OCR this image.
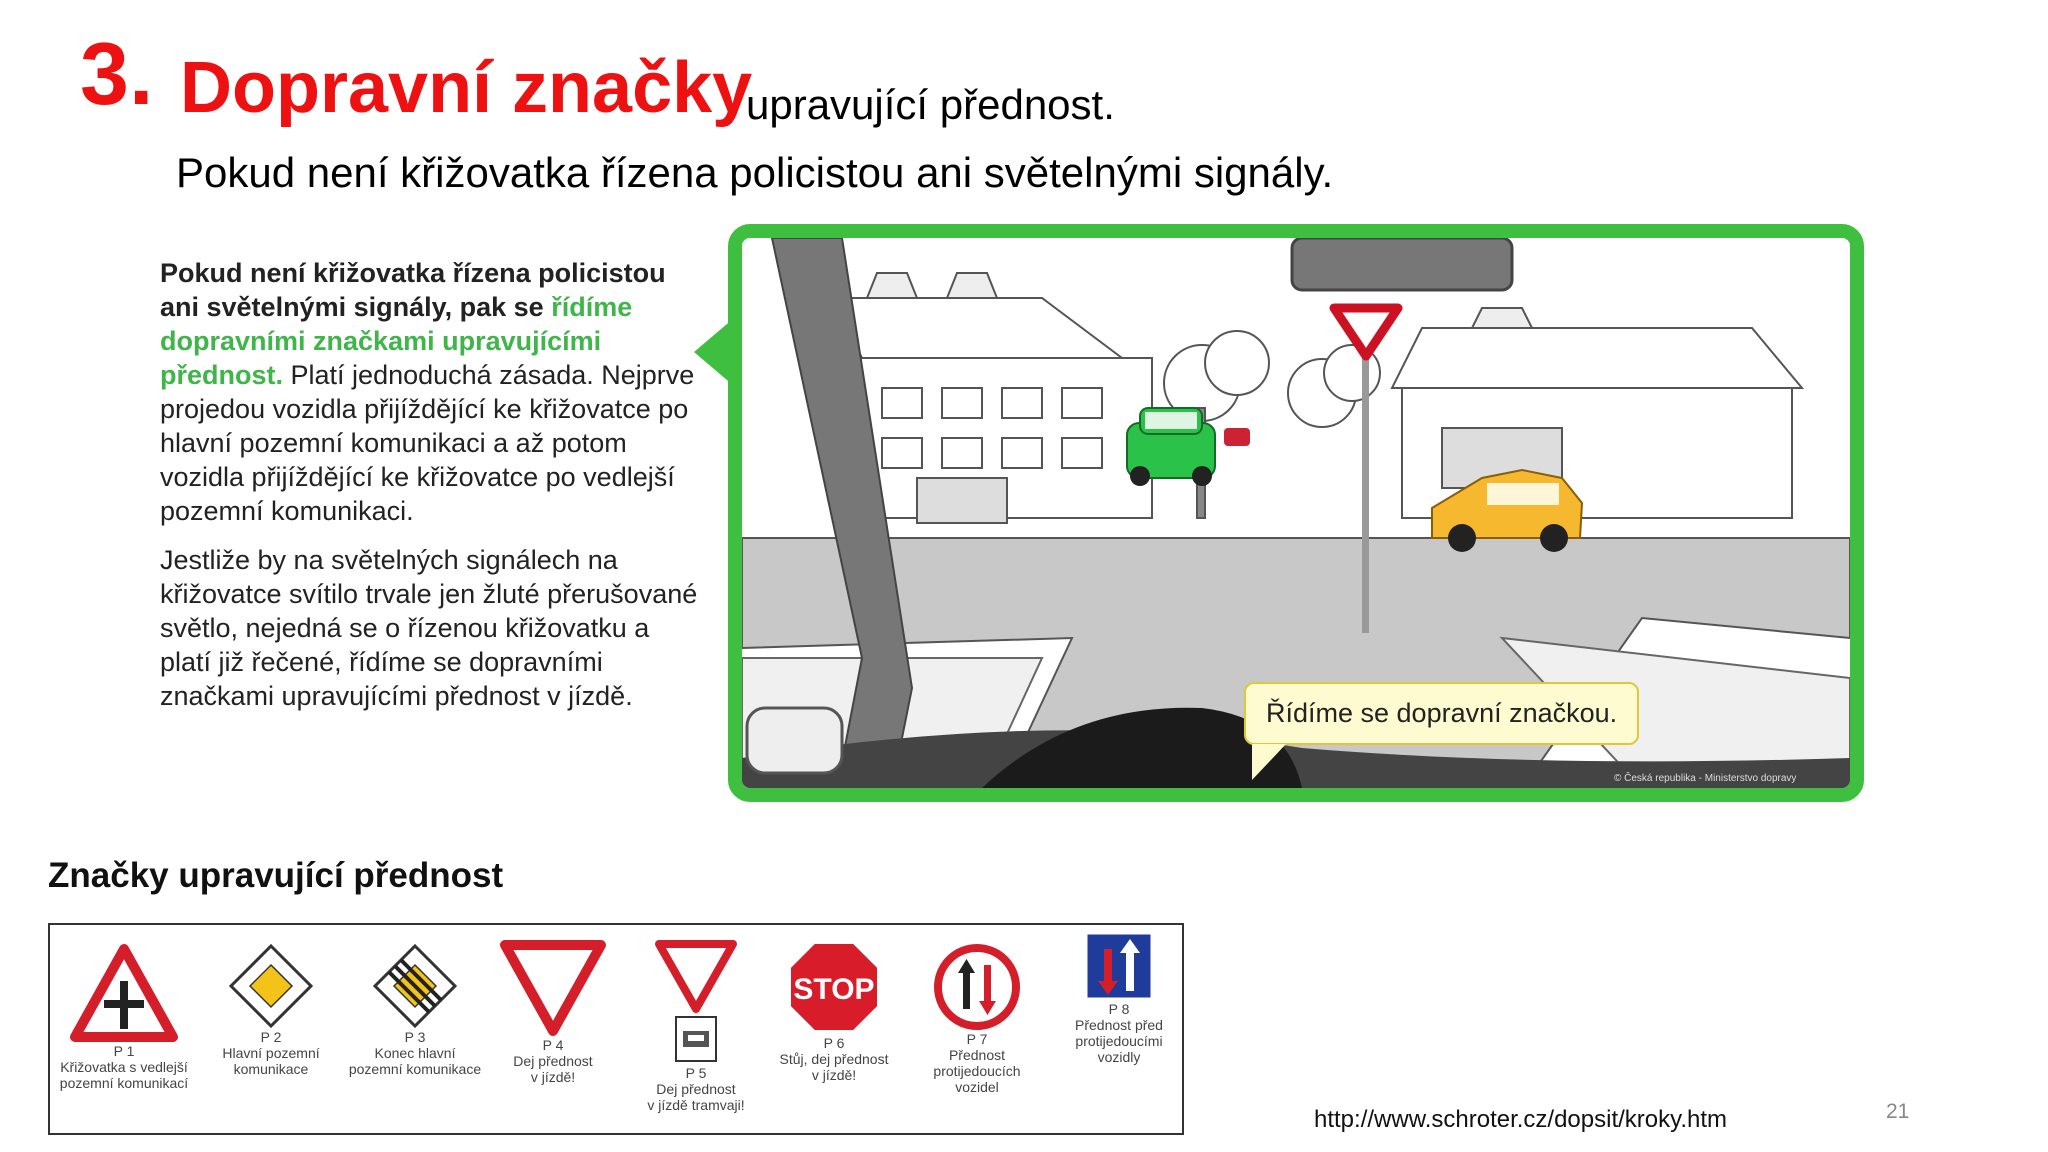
3. Dopravní značky
upravující přednost.
Pokud není křižovatka řízena policistou ani světelnými signály.

Pokud není křižovatka řízena policistou ani světelnými signály, pak se řídíme dopravními značkami upravujícími přednost. Platí jednoduchá zásada. Nejprve projedou vozidla přijíždějící ke křižovatce po hlavní pozemní komunikaci a až potom vozidla přijíždějící ke křižovatce po vedlejší pozemní komunikaci.

Jestliže by na světelných signálech na křižovatce svítilo trvale jen žluté přerušované světlo, nejedná se o řízenou křižovatku a platí již řečené, řídíme se dopravními značkami upravujícími přednost v jízdě.

Řídíme se dopravní značkou.
© Česká republika - Ministerstvo dopravy
Značky upravující přednost
P 1
Křižovatka s vedlejší
pozemní komunikací
P 2
Hlavní pozemní
komunikace
P 3
Konec hlavní
pozemní komunikace
P 4
Dej přednost
v jízdě!	P 5
Dej přednost
v jízdě tramvaji!
STOP
P 6
Stůj, dej přednost
v jízdě!
P 7
Přednost
protijedoucích
vozidel
P 8
Přednost před
protijedoucími
vozidly
http://www.schroter.cz/dopsit/kroky.htm	21
